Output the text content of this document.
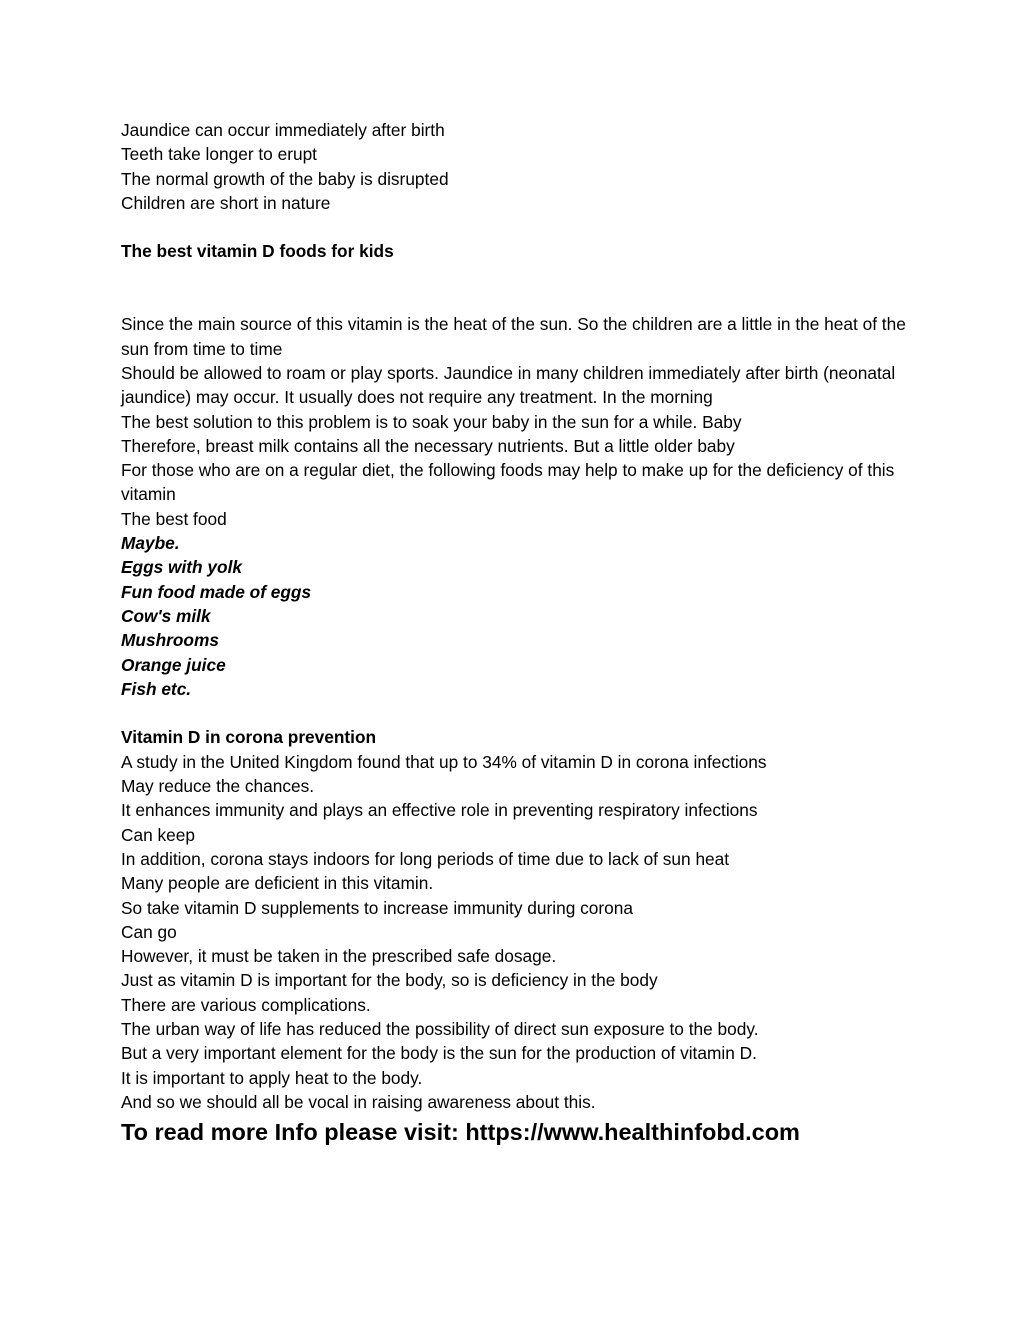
Jaundice can occur immediately after birth
Teeth take longer to erupt
The normal growth of the baby is disrupted
Children are short in nature
The best vitamin D foods for kids
Since the main source of this vitamin is the heat of the sun. So the children are a little in the heat of the sun from time to time
Should be allowed to roam or play sports. Jaundice in many children immediately after birth (neonatal jaundice) may occur. It usually does not require any treatment. In the morning
The best solution to this problem is to soak your baby in the sun for a while. Baby
Therefore, breast milk contains all the necessary nutrients. But a little older baby
For those who are on a regular diet, the following foods may help to make up for the deficiency of this vitamin
The best food
Maybe.
Eggs with yolk
Fun food made of eggs
Cow's milk
Mushrooms
Orange juice
Fish etc.
Vitamin D in corona prevention
A study in the United Kingdom found that up to 34% of vitamin D in corona infections
May reduce the chances.
It enhances immunity and plays an effective role in preventing respiratory infections
Can keep
In addition, corona stays indoors for long periods of time due to lack of sun heat
Many people are deficient in this vitamin.
So take vitamin D supplements to increase immunity during corona
Can go
However, it must be taken in the prescribed safe dosage.
Just as vitamin D is important for the body, so is deficiency in the body
There are various complications.
The urban way of life has reduced the possibility of direct sun exposure to the body.
But a very important element for the body is the sun for the production of vitamin D.
It is important to apply heat to the body.
And so we should all be vocal in raising awareness about this.
To read more Info please visit: https://www.healthinfobd.com
